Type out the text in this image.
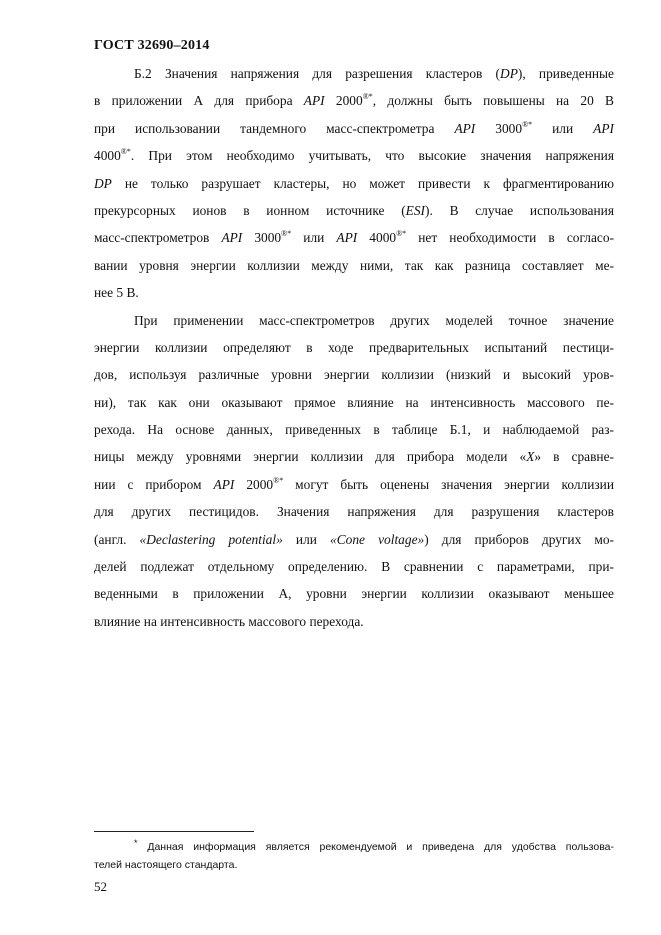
ГОСТ 32690–2014
Б.2 Значения напряжения для разрешения кластеров (DP), приведенные
в приложении А для прибора API 2000®*, должны быть повышены на 20 В
при использовании тандемного масс-спектрометра API 3000®* или API
4000®*. При этом необходимо учитывать, что высокие значения напряжения
DP не только разрушает кластеры, но может привести к фрагментированию
прекурсорных ионов в ионном источнике (ESI). В случае использования
масс-спектрометров API 3000®* или API 4000®* нет необходимости в согласо-
вании уровня энергии коллизии между ними, так как разница составляет ме-
нее 5 В.
При применении масс-спектрометров других моделей точное значение
энергии коллизии определяют в ходе предварительных испытаний пестици-
дов, используя различные уровни энергии коллизии (низкий и высокий уров-
ни), так как они оказывают прямое влияние на интенсивность массового пе-
рехода. На основе данных, приведенных в таблице Б.1, и наблюдаемой раз-
ницы между уровнями энергии коллизии для прибора модели «X» в сравне-
нии с прибором API 2000®* могут быть оценены значения энергии коллизии
для других пестицидов. Значения напряжения для разрушения кластеров
(англ. «Declastering potential» или «Cone voltage») для приборов других мо-
делей подлежат отдельному определению. В сравнении с параметрами, при-
веденными в приложении А, уровни энергии коллизии оказывают меньшее
влияние на интенсивность массового перехода.
* Данная информация является рекомендуемой и приведена для удобства пользова-
телей настоящего стандарта.
52
